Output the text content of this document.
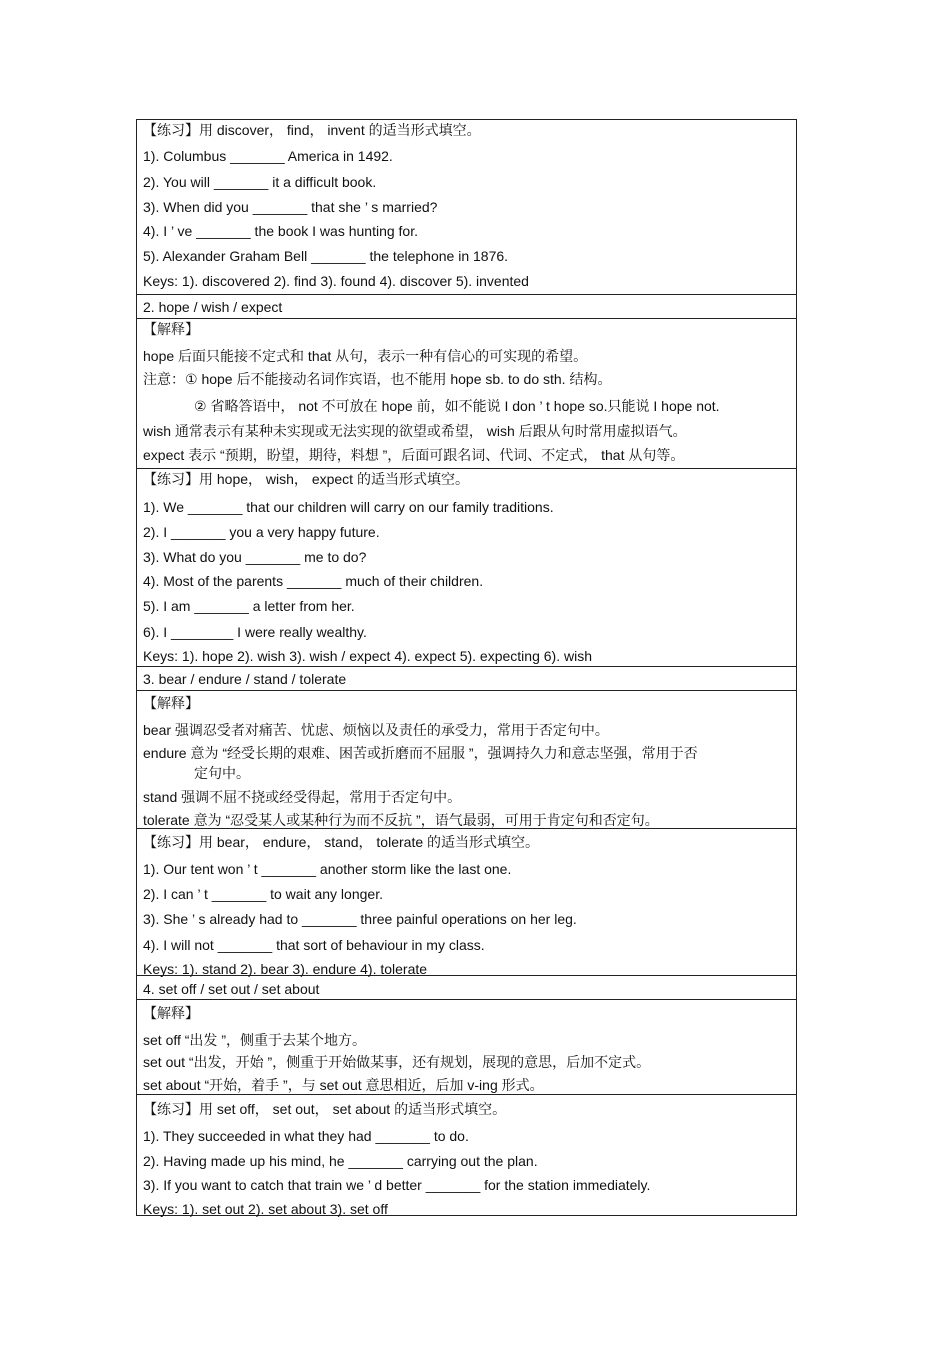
【练习】用 discover， find， invent 的适当形式填空。
1). Columbus _______ America in 1492.
2). You will _______ it a difficult book.
3). When did you _______ that she ’ s married?
4). I ’ ve _______ the book I was hunting for.
5). Alexander Graham Bell _______ the telephone in 1876.
Keys: 1). discovered 2). find 3). found 4). discover 5). invented
2. hope / wish / expect
【解释】
hope 后面只能接不定式和 that 从句，表示一种有信心的可实现的希望。
注意：① hope 后不能接动名词作宾语，也不能用 hope sb. to do sth. 结构。
② 省略答语中， not 不可放在 hope 前，如不能说 I don ’ t hope so.只能说 I hope not.
wish 通常表示有某种未实现或无法实现的欲望或希望， wish 后跟从句时常用虚拟语气。
expect 表示 “预期，盼望，期待，料想 ”，后面可跟名词、代词、不定式， that 从句等。
【练习】用 hope， wish， expect 的适当形式填空。
1). We _______ that our children will carry on our family traditions.
2). I _______ you a very happy future.
3). What do you _______ me to do?
4). Most of the parents _______ much of their children.
5). I am _______ a letter from her.
6). I ________ I were really wealthy.
Keys: 1). hope 2). wish 3). wish / expect 4). expect 5). expecting 6). wish
3. bear / endure / stand / tolerate
【解释】
bear 强调忍受者对痛苦、忧虑、烦恼以及责任的承受力，常用于否定句中。
endure 意为 “经受长期的艰难、困苦或折磨而不屈服 ”，强调持久力和意志坚强，常用于否
定句中。
stand 强调不屈不挠或经受得起，常用于否定句中。
tolerate 意为 “忍受某人或某种行为而不反抗 ”，语气最弱，可用于肯定句和否定句。
【练习】用 bear， endure， stand， tolerate 的适当形式填空。
1). Our tent won ’ t _______ another storm like the last one.
2). I can ’ t _______ to wait any longer.
3). She ’ s already had to _______ three painful operations on her leg.
4). I will not _______ that sort of behaviour in my class.
Keys: 1). stand 2). bear 3). endure 4). tolerate
4. set off / set out / set about
【解释】
set off “出发 ”，侧重于去某个地方。
set out “出发，开始 ”，侧重于开始做某事，还有规划，展现的意思，后加不定式。
set about “开始，着手 ”，与 set out 意思相近，后加 v-ing 形式。
【练习】用 set off， set out， set about 的适当形式填空。
1). They succeeded in what they had _______ to do.
2). Having made up his mind, he _______ carrying out the plan.
3). If you want to catch that train we ’ d better _______ for the station immediately.
Keys: 1). set out 2). set about 3). set off
